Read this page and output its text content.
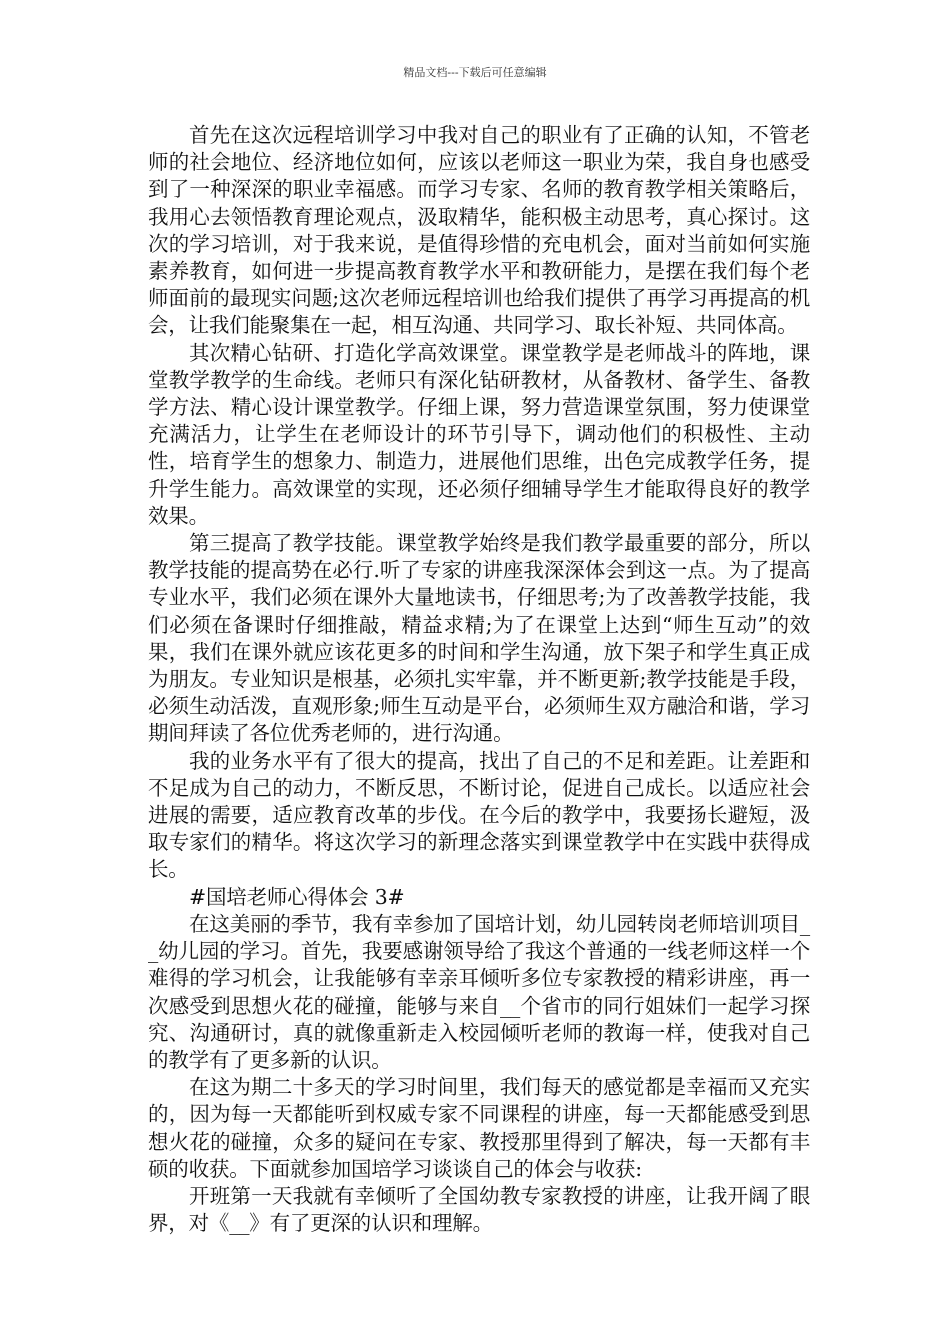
精品文档---下载后可任意编辑

首先在这次远程培训学习中我对自己的职业有了正确的认知，不管老师的社会地位、经济地位如何，应该以老师这一职业为荣，我自身也感受到了一种深深的职业幸福感。而学习专家、名师的教育教学相关策略后，我用心去领悟教育理论观点，汲取精华，能积极主动思考，真心探讨。这次的学习培训，对于我来说，是值得珍惜的充电机会，面对当前如何实施素养教育，如何进一步提高教育教学水平和教研能力，是摆在我们每个老师面前的最现实问题;这次老师远程培训也给我们提供了再学习再提高的机会，让我们能聚集在一起，相互沟通、共同学习、取长补短、共同体高。

其次精心钻研、打造化学高效课堂。课堂教学是老师战斗的阵地，课堂教学教学的生命线。老师只有深化钻研教材，从备教材、备学生、备教学方法、精心设计课堂教学。仔细上课，努力营造课堂氛围，努力使课堂充满活力，让学生在老师设计的环节引导下，调动他们的积极性、主动性，培育学生的想象力、制造力，进展他们思维，出色完成教学任务，提升学生能力。高效课堂的实现，还必须仔细辅导学生才能取得良好的教学效果。

第三提高了教学技能。课堂教学始终是我们教学最重要的部分，所以教学技能的提高势在必行.听了专家的讲座我深深体会到这一点。为了提高专业水平，我们必须在课外大量地读书，仔细思考;为了改善教学技能，我们必须在备课时仔细推敲，精益求精;为了在课堂上达到“师生互动”的效果，我们在课外就应该花更多的时间和学生沟通，放下架子和学生真正成为朋友。专业知识是根基，必须扎实牢靠，并不断更新;教学技能是手段，必须生动活泼，直观形象;师生互动是平台，必须师生双方融洽和谐，学习期间拜读了各位优秀老师的，进行沟通。

我的业务水平有了很大的提高，找出了自己的不足和差距。让差距和不足成为自己的动力，不断反思，不断讨论，促进自己成长。以适应社会进展的需要，适应教育改革的步伐。在今后的教学中，我要扬长避短，汲取专家们的精华。将这次学习的新理念落实到课堂教学中在实践中获得成长。

#国培老师心得体会 3#

在这美丽的季节，我有幸参加了国培计划，幼儿园转岗老师培训项目__幼儿园的学习。首先，我要感谢领导给了我这个普通的一线老师这样一个难得的学习机会，让我能够有幸亲耳倾听多位专家教授的精彩讲座，再一次感受到思想火花的碰撞，能够与来自__个省市的同行姐妹们一起学习探究、沟通研讨，真的就像重新走入校园倾听老师的教诲一样，使我对自己的教学有了更多新的认识。

在这为期二十多天的学习时间里，我们每天的感觉都是幸福而又充实的，因为每一天都能听到权威专家不同课程的讲座，每一天都能感受到思想火花的碰撞，众多的疑问在专家、教授那里得到了解决，每一天都有丰硕的收获。下面就参加国培学习谈谈自己的体会与收获:

开班第一天我就有幸倾听了全国幼教专家教授的讲座，让我开阔了眼界，对《__》有了更深的认识和理解。
